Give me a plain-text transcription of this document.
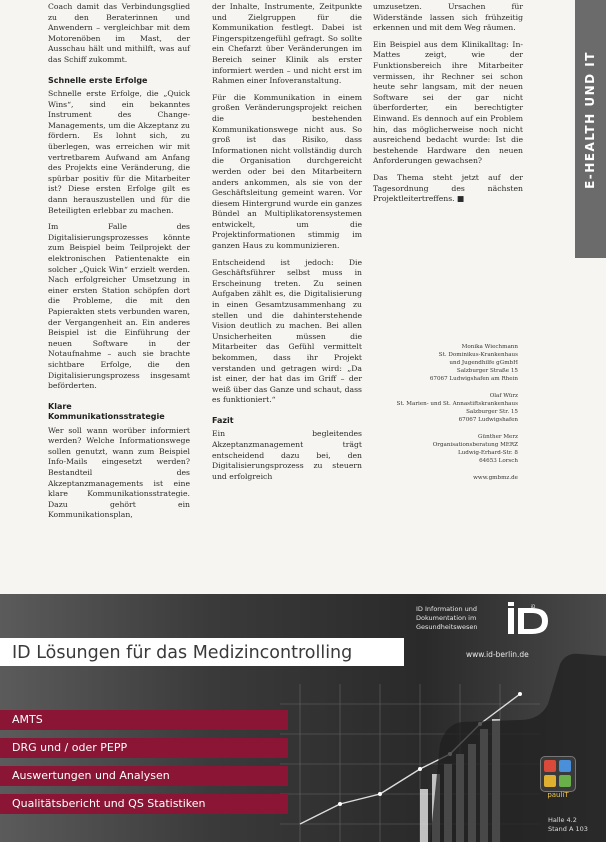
E-HEALTH UND IT

Coach damit das Verbindungsglied zu den Beraterinnen und Anwendern – vergleichbar mit dem Motorenöben im Mast, der Ausschau hält und mithilft, was auf das Schiff zukommt.

Schnelle erste Erfolge

Schnelle erste Erfolge, die „Quick Wins“, sind ein bekanntes Instrument des Change-Managements, um die Akzeptanz zu fördern. Es lohnt sich, zu überlegen, was erreichen wir mit vertretbarem Aufwand am Anfang des Projekts eine Veränderung, die spürbar positiv für die Mitarbeiter ist? Diese ersten Erfolge gilt es dann herauszustellen und für die Beteiligten erlebbar zu machen.

Im Falle des Digitalisierungsprozesses könnte zum Beispiel beim Teilprojekt der elektronischen Patientenakte ein solcher „Quick Win“ erzielt werden. Nach erfolgreicher Umsetzung in einer ersten Station schöpfen dort die Probleme, die mit den Papierakten stets verbunden waren, der Vergangenheit an. Ein anderes Beispiel ist die Einführung der neuen Software in der Notaufnahme – auch sie brachte sichtbare Erfolge, die den Digitalisierungsprozess insgesamt beförderten.

Klare Kommunikationsstrategie

Wer soll wann worüber informiert werden? Welche Informationswege sollen genutzt, wann zum Beispiel Info-Mails eingesetzt werden? Bestandteil des Akzeptanzmanagements ist eine klare Kommunikationsstrategie. Dazu gehört ein Kommunikationsplan,

der Inhalte, Instrumente, Zeitpunkte und Zielgruppen für die Kommunikation festlegt. Dabei ist Fingerspitzengefühl gefragt. So sollte ein Chefarzt über Veränderungen im Bereich seiner Klinik als erster informiert werden – und nicht erst im Rahmen einer Infoveranstaltung.

Für die Kommunikation in einem großen Veränderungsprojekt reichen die bestehenden Kommunikationswege nicht aus. So groß ist das Risiko, dass Informationen nicht vollständig durch die Organisation durchgereicht werden oder bei den Mitarbeitern anders ankommen, als sie von der Geschäftsleitung gemeint waren. Vor diesem Hintergrund wurde ein ganzes Bündel an Multiplikatorensystemen entwickelt, um die Projektinformationen stimmig im ganzen Haus zu kommunizieren.

Entscheidend ist jedoch: Die Geschäftsführer selbst muss in Erscheinung treten. Zu seinen Aufgaben zählt es, die Digitalisierung in einen Gesamtzusammenhang zu stellen und die dahinterstehende Vision deutlich zu machen. Bei allen Unsicherheiten müssen die Mitarbeiter das Gefühl vermittelt bekommen, dass ihr Projekt verstanden und getragen wird: „Da ist einer, der hat das im Griff – der weiß über das Ganze und schaut, dass es funktioniert.“

Fazit

Ein begleitendes Akzeptanzmanagement trägt entscheidend dazu bei, den Digitalisierungsprozess zu steuern und erfolgreich

umzusetzen. Ursachen für Widerstände lassen sich frühzeitig erkennen und mit dem Weg räumen.

Ein Beispiel aus dem Klinikalltag: In-Mattes zeigt, wie der Funktionsbereich ihre Mitarbeiter vermissen, ihr Rechner sei schon heute sehr langsam, mit der neuen Software sei der gar nicht überforderter, ein berechtigter Einwand. Es dennoch auf ein Problem hin, das möglicherweise noch nicht ausreichend bedacht wurde: Ist die bestehende Hardware den neuen Anforderungen gewachsen?

Das Thema steht jetzt auf der Tagesordnung des nächsten Projektleitertreffens. ■

Monika Wiechmann
St. Dominikus-Krankenhaus
und Jugendhilfe gGmbH
Salzburger Straße 15
67067 Ludwigshafen am Rhein
Olaf Würz
St. Marien- und St. Annastiftskrankenhaus
Salzburger Str. 15
67067 Ludwigshafen
Günther Merz
Organisationsberatung MERZ
Ludwig-Erhard-Str. 8
64653 Lorsch
www.gmbmz.de
ID Information und
Dokumentation im
Gesundheitswesen
iD
www.id-berlin.de
ID Lösungen für das Medizincontrolling
AMTS
DRG und / oder PEPP
Auswertungen und Analysen
Qualitätsbericht und QS Statistiken
pauliT
Halle 4.2
Stand A 103
